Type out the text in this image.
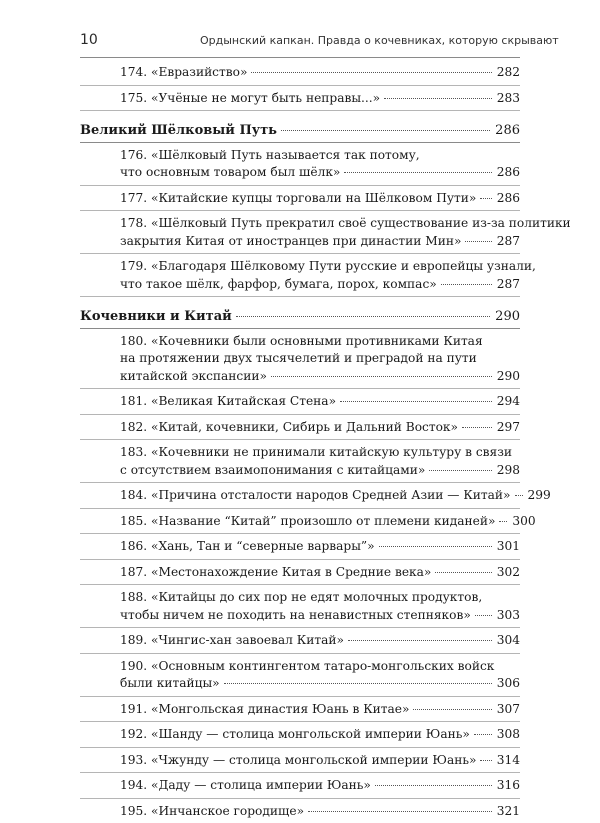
10	Ордынский капкан. Правда о кочевниках, которую скрывают
174. «Евразийство»	282
175. «Учёные не могут быть неправы...»	283
Великий Шёлковый Путь	286
176. «Шёлковый Путь называется так потому,
что основным товаром был шёлк»	286
177. «Китайские купцы торговали на Шёлковом Пути» 286
178. «Шёлковый Путь прекратил своё существование из-за политики
закрытия Китая от иностранцев при династии Мин»	287
179. «Благодаря Шёлковому Пути русские и европейцы узнали,
что такое шёлк, фарфор, бумага, порох, компас»	287
Кочевники и Китай	290
180. «Кочевники были основными противниками Китая
на протяжении двух тысячелетий и преградой на пути
китайской экспансии»	290
181. «Великая Китайская Стена»	294
182. «Китай, кочевники, Сибирь и Дальний Восток»	297
183. «Кочевники не принимали китайскую культуру в связи
с отсутствием взаимопонимания с китайцами»	298
184. «Причина отсталости народов Средней Азии — Китай» 299
185. «Название “Китай” произошло от племени киданей» 300
186. «Хань, Тан и “северные варвары”»	301
187. «Местонахождение Китая в Средние века»	302
188. «Китайцы до сих пор не едят молочных продуктов,
чтобы ничем не походить на ненавистных степняков» 303
189. «Чингис-хан завоевал Китай»	304
190. «Основным контингентом татаро-монгольских войск
были китайцы»	306
191. «Монгольская династия Юань в Китае»	307
192. «Шанду — столица монгольской империи Юань» 308
193. «Чжунду — столица монгольской империи Юань» 314
194. «Даду — столица империи Юань»	316
195. «Инчанское городище»	321
